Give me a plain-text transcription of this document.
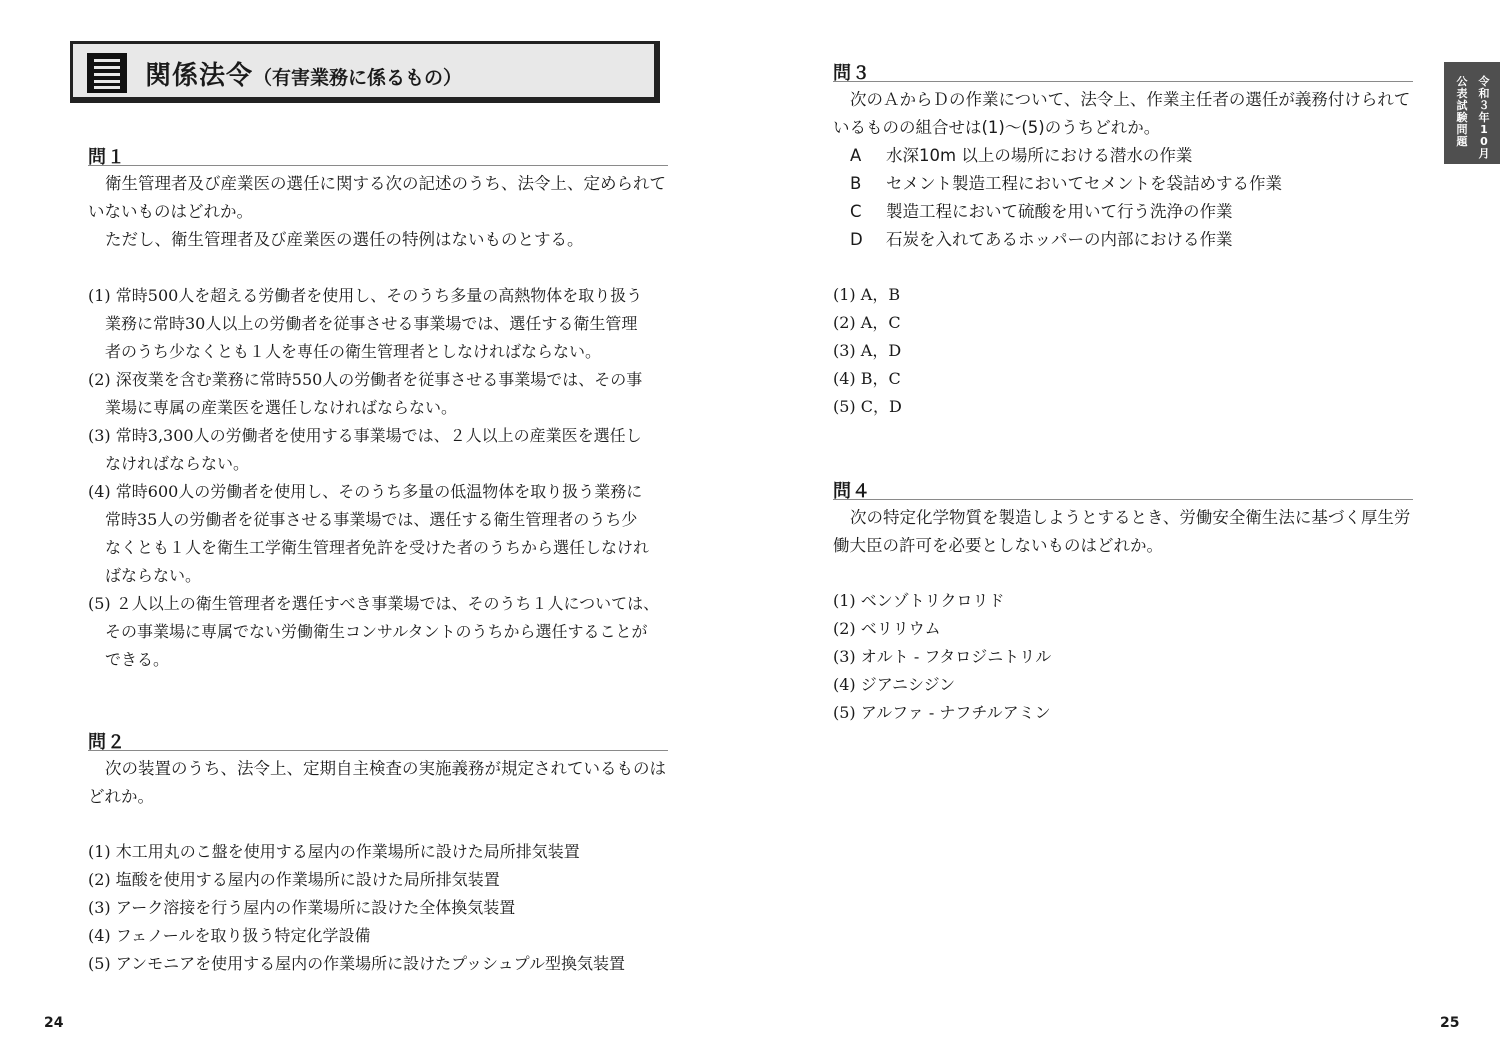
関係法令（有害業務に係るもの）
問１
衛生管理者及び産業医の選任に関する次の記述のうち、法令上、定められて
いないものはどれか。
ただし、衛生管理者及び産業医の選任の特例はないものとする。
(1) 常時500人を超える労働者を使用し、そのうち多量の高熱物体を取り扱う
業務に常時30人以上の労働者を従事させる事業場では、選任する衛生管理
者のうち少なくとも１人を専任の衛生管理者としなければならない。
(2) 深夜業を含む業務に常時550人の労働者を従事させる事業場では、その事
業場に専属の産業医を選任しなければならない。
(3) 常時3,300人の労働者を使用する事業場では、２人以上の産業医を選任し
なければならない。
(4) 常時600人の労働者を使用し、そのうち多量の低温物体を取り扱う業務に
常時35人の労働者を従事させる事業場では、選任する衛生管理者のうち少
なくとも１人を衛生工学衛生管理者免許を受けた者のうちから選任しなけれ
ばならない。
(5) ２人以上の衛生管理者を選任すべき事業場では、そのうち１人については、
その事業場に専属でない労働衛生コンサルタントのうちから選任することが
できる。
問２
次の装置のうち、法令上、定期自主検査の実施義務が規定されているものは
どれか。
(1) 木工用丸のこ盤を使用する屋内の作業場所に設けた局所排気装置
(2) 塩酸を使用する屋内の作業場所に設けた局所排気装置
(3) アーク溶接を行う屋内の作業場所に設けた全体換気装置
(4) フェノールを取り扱う特定化学設備
(5) アンモニアを使用する屋内の作業場所に設けたプッシュプル型換気装置
24
問３
次のＡからＤの作業について、法令上、作業主任者の選任が義務付けられて
いるものの組合せは(1)～(5)のうちどれか。
A 水深10m 以上の場所における潜水の作業
B セメント製造工程においてセメントを袋詰めする作業
C 製造工程において硫酸を用いて行う洗浄の作業
D 石炭を入れてあるホッパーの内部における作業
(1) A，B
(2) A，C
(3) A，D
(4) B，C
(5) C，D
問４
次の特定化学物質を製造しようとするとき、労働安全衛生法に基づく厚生労
働大臣の許可を必要としないものはどれか。
(1) ベンゾトリクロリド
(2) ベリリウム
(3) オルト - フタロジニトリル
(4) ジアニシジン
(5) アルファ - ナフチルアミン
25
令和３年10月
公表試験問題
